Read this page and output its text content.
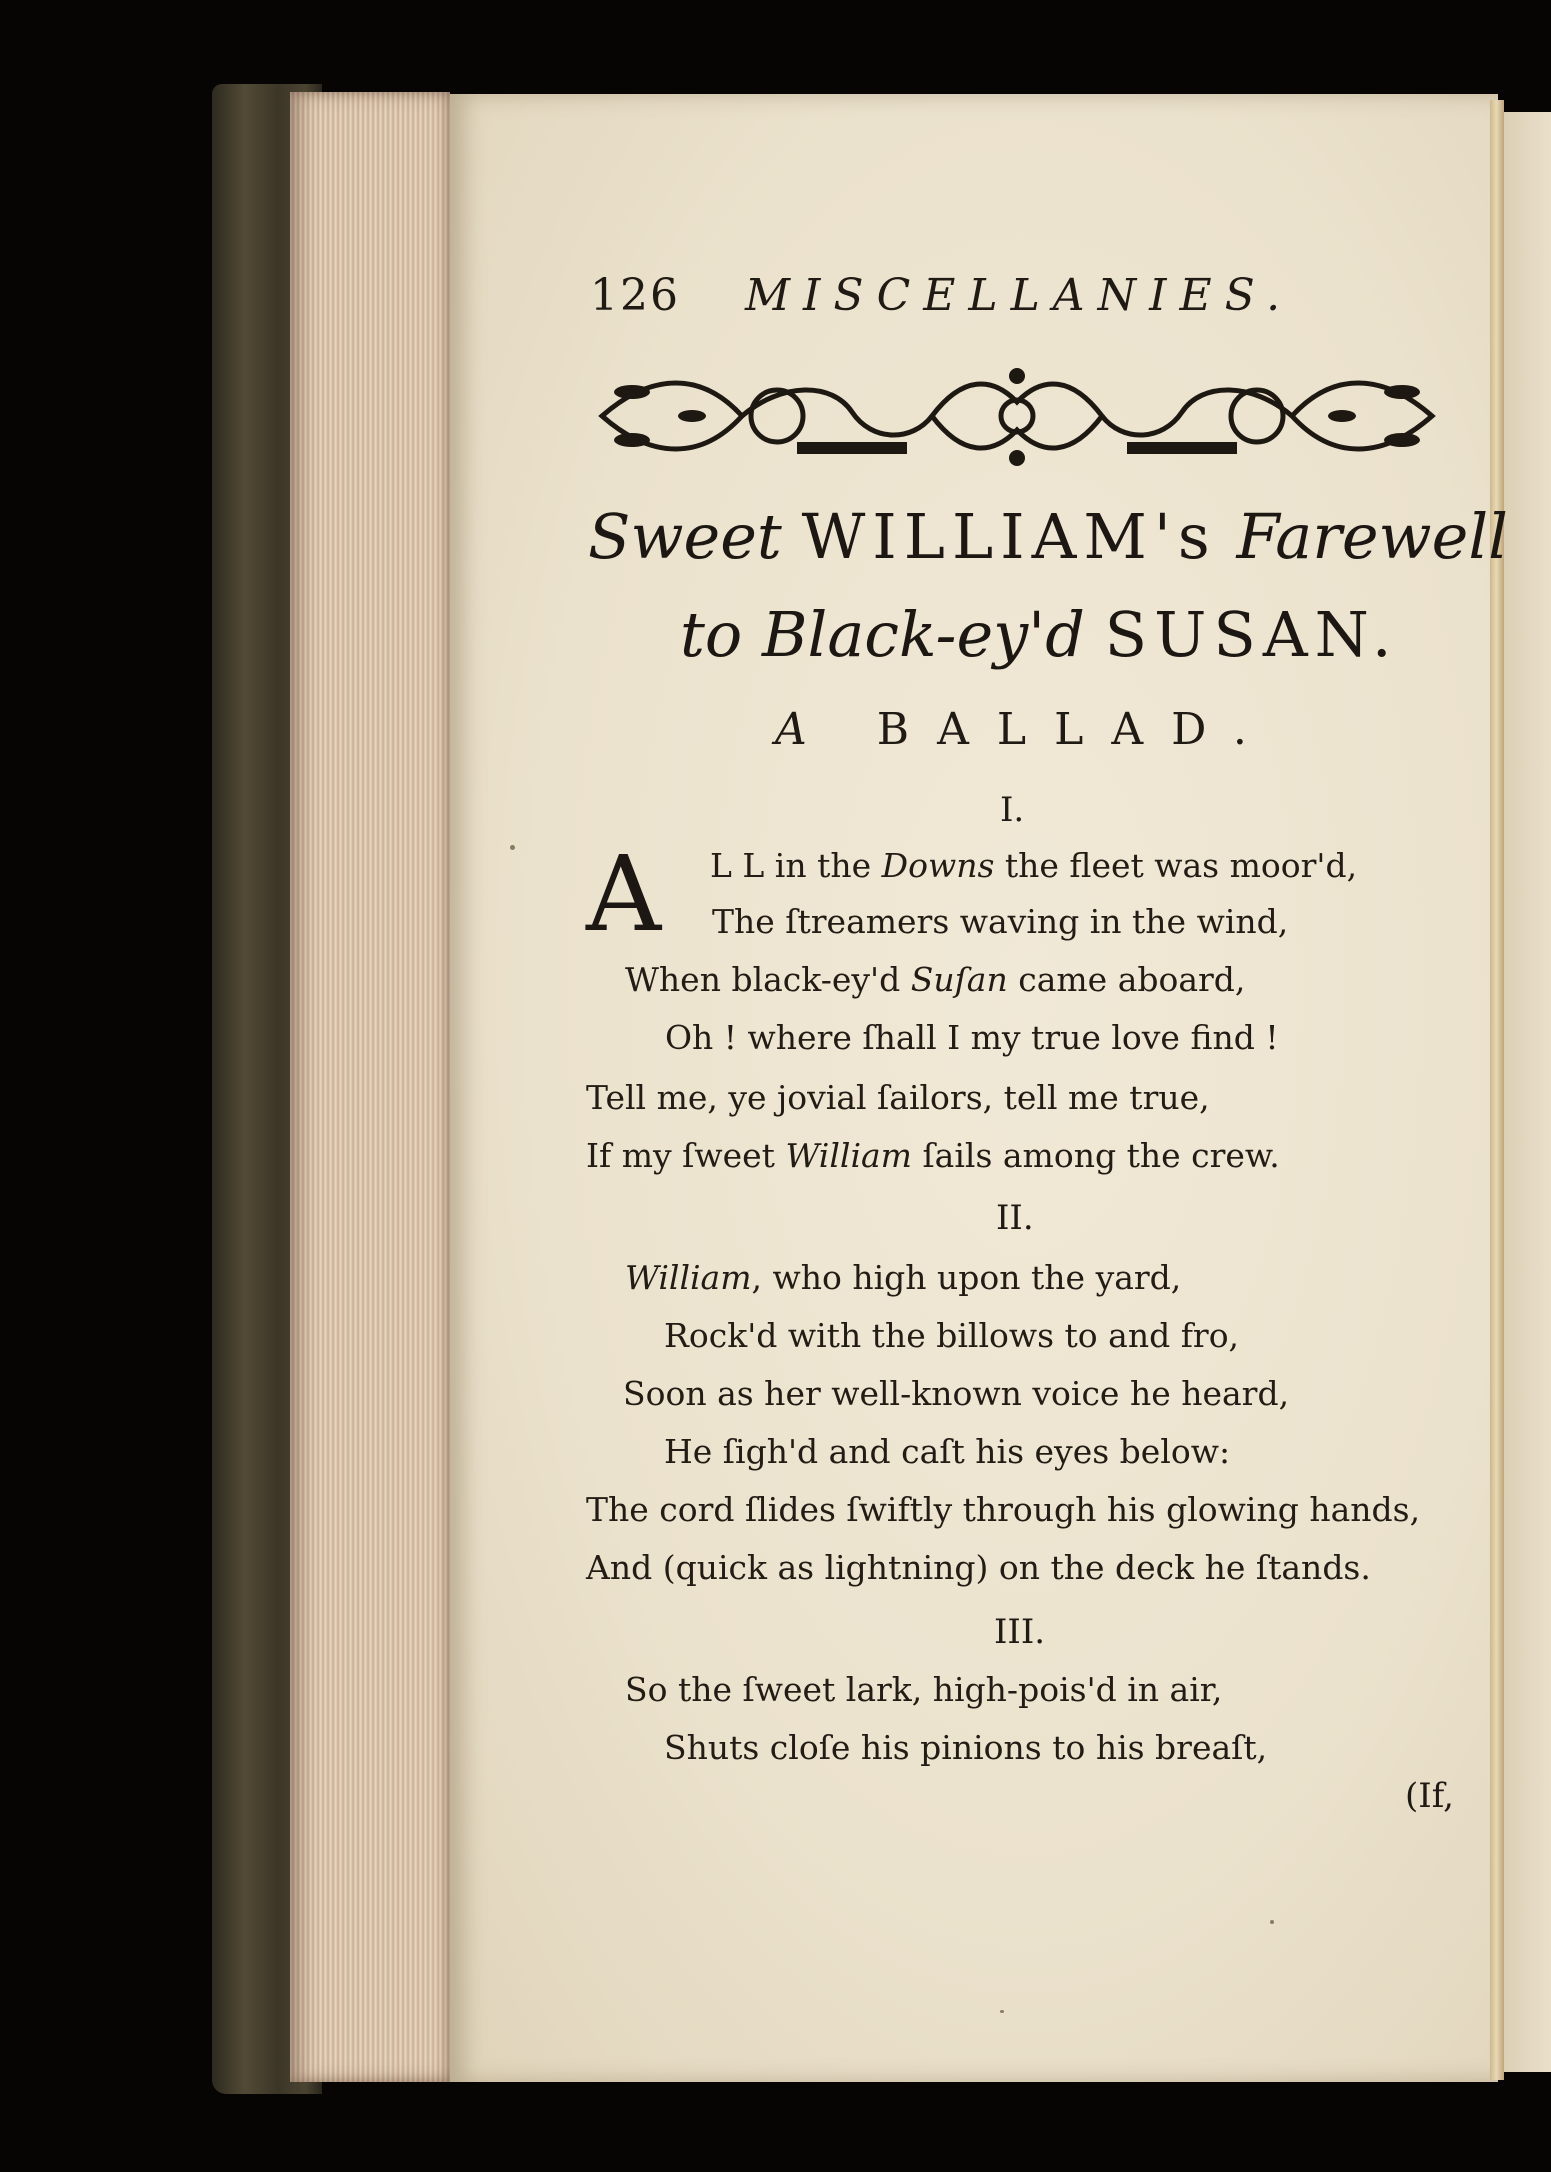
126 MISCELLANIES.
Sweet WILLIAM's Farewell
to Black-ey'd SUSAN.
A BALLAD.
I.
A L L in the Downs the fleet was moor'd,
The ſtreamers waving in the wind,
When black-ey'd Suſan came aboard,
Oh ! where ſhall I my true love find !
Tell me, ye jovial ſailors, tell me true,
If my ſweet William ſails among the crew.
II.
William, who high upon the yard,
Rock'd with the billows to and fro,
Soon as her well-known voice he heard,
He ſigh'd and caſt his eyes below:
The cord ſlides ſwiftly through his glowing hands,
And (quick as lightning) on the deck he ſtands.
III.
So the ſweet lark, high-pois'd in air,
Shuts cloſe his pinions to his breaſt,
(If,
